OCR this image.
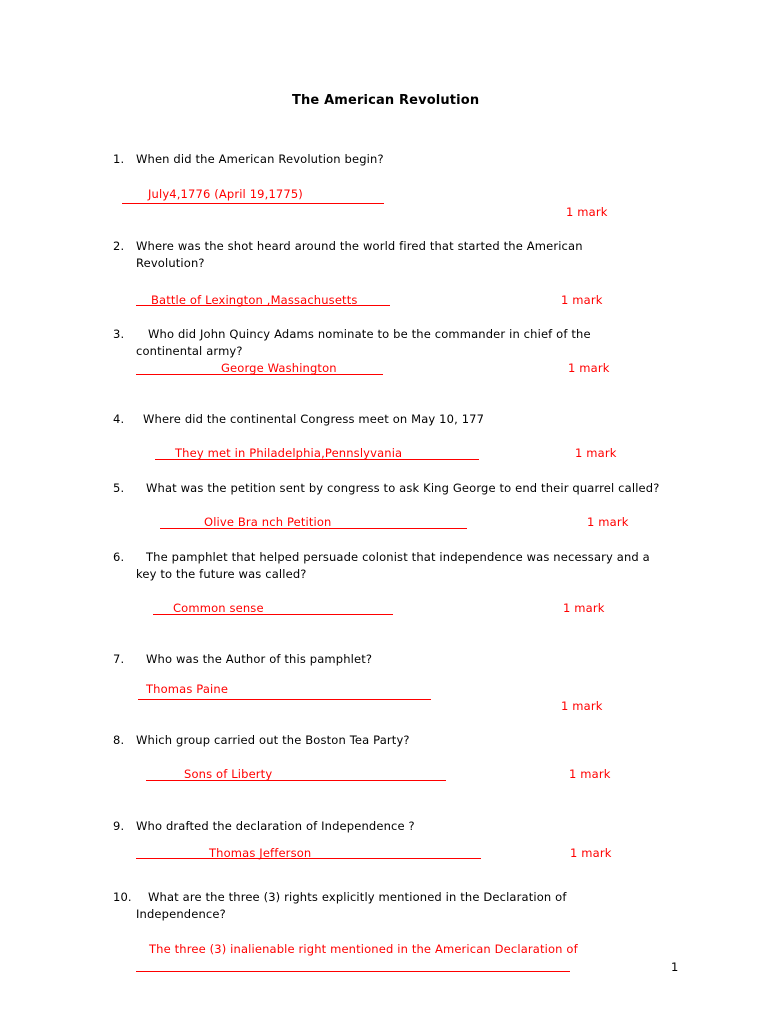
The American Revolution
1. When did the American Revolution begin?
July4,1776 (April 19,1775)
1 mark
2. Where was the shot heard around the world fired that started the American
Revolution?
Battle of Lexington ,Massachusetts	1 mark
3. Who did John Quincy Adams nominate to be the commander in chief of the
continental army?
George Washington	1 mark
4. Where did the continental Congress meet on May 10, 177
They met in Philadelphia,Pennslyvania	1 mark
5. What was the petition sent by congress to ask King George to end their quarrel called?
Olive Bra nch Petition	1 mark
6. The pamphlet that helped persuade colonist that independence was necessary and a
key to the future was called?
Common sense	1 mark
7. Who was the Author of this pamphlet?
Thomas Paine
1 mark
8. Which group carried out the Boston Tea Party?
Sons of Liberty	1 mark
9. Who drafted the declaration of Independence ?
Thomas Jefferson	1 mark
10. What are the three (3) rights explicitly mentioned in the Declaration of
Independence?
The three (3) inalienable right mentioned in the American Declaration of
1
